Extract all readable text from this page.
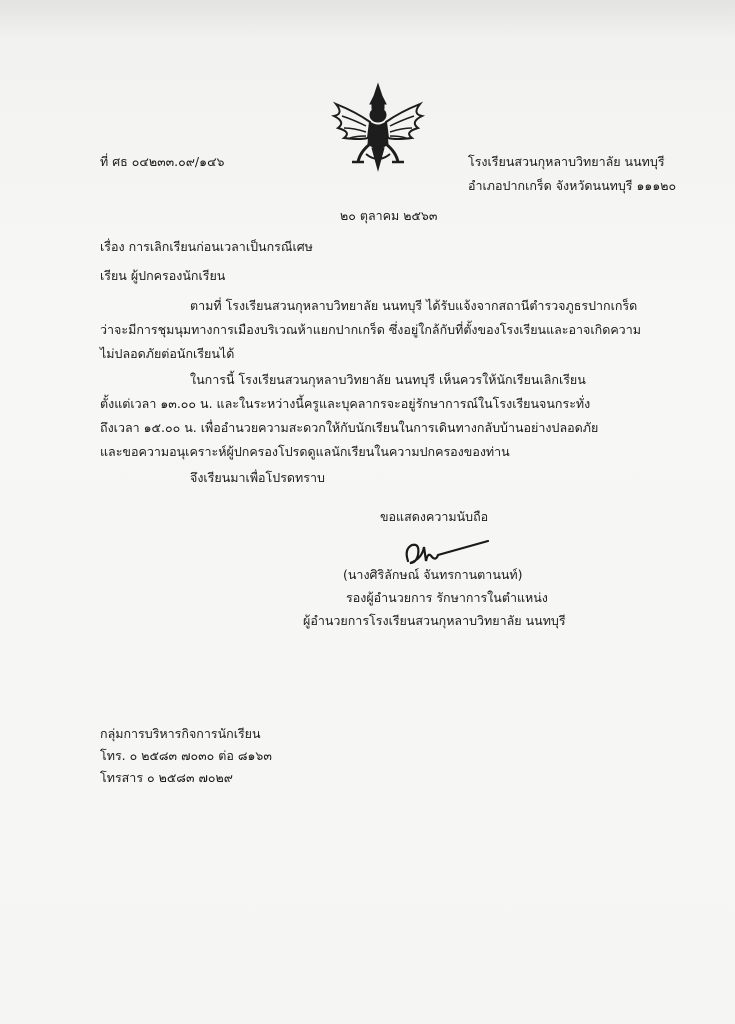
ที่ ศธ ๐๔๒๓๓.๐๙/๑๔๖	โรงเรียนสวนกุหลาบวิทยาลัย นนทบุรี
อำเภอปากเกร็ด จังหวัดนนทบุรี ๑๑๑๒๐
๒๐ ตุลาคม ๒๕๖๓
เรื่อง การเลิกเรียนก่อนเวลาเป็นกรณีเศษ
เรียน ผู้ปกครองนักเรียน
ตามที่ โรงเรียนสวนกุหลาบวิทยาลัย นนทบุรี ได้รับแจ้งจากสถานีตำรวจภูธรปากเกร็ด
ว่าจะมีการชุมนุมทางการเมืองบริเวณห้าแยกปากเกร็ด ซึ่งอยู่ใกล้กับที่ตั้งของโรงเรียนและอาจเกิดความ
ไม่ปลอดภัยต่อนักเรียนได้
ในการนี้ โรงเรียนสวนกุหลาบวิทยาลัย นนทบุรี เห็นควรให้นักเรียนเลิกเรียน
ตั้งแต่เวลา ๑๓.๐๐ น. และในระหว่างนี้ครูและบุคลากรจะอยู่รักษาการณ์ในโรงเรียนจนกระทั่ง
ถึงเวลา ๑๕.๐๐ น. เพื่ออำนวยความสะดวกให้กับนักเรียนในการเดินทางกลับบ้านอย่างปลอดภัย
และขอความอนุเคราะห์ผู้ปกครองโปรดดูแลนักเรียนในความปกครองของท่าน
จึงเรียนมาเพื่อโปรดทราบ
ขอแสดงความนับถือ
(นางศิริลักษณ์ จันทรกานตานนท์)
รองผู้อำนวยการ รักษาการในตำแหน่ง
ผู้อำนวยการโรงเรียนสวนกุหลาบวิทยาลัย นนทบุรี
กลุ่มการบริหารกิจการนักเรียน
โทร. ๐ ๒๕๘๓ ๗๐๓๐ ต่อ ๘๑๖๓
โทรสาร ๐ ๒๕๘๓ ๗๐๒๙
